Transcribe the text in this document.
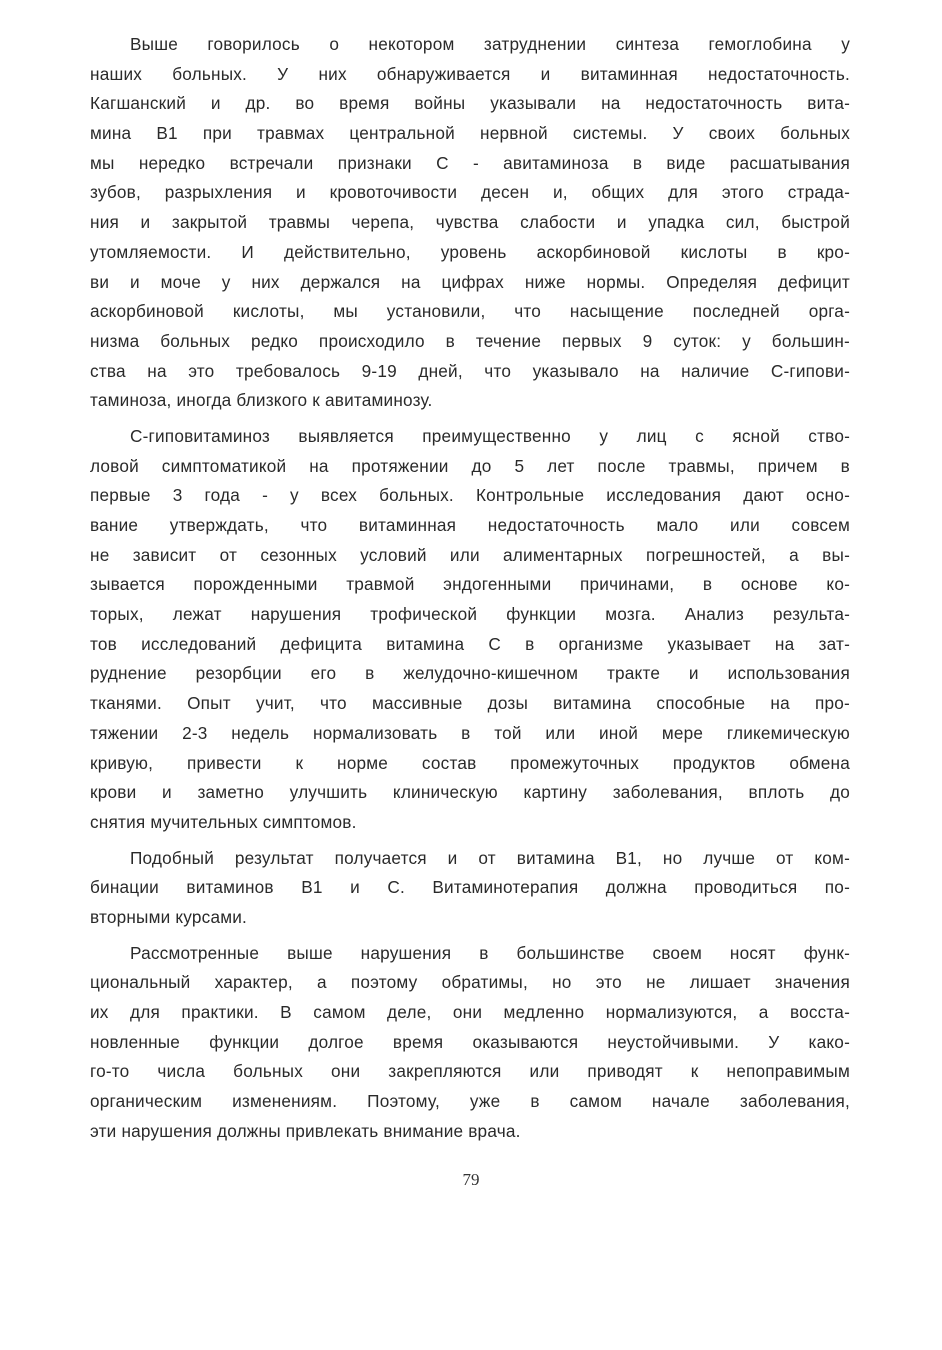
Выше говорилось о некотором затруднении синтеза гемоглобина у
наших больных. У них обнаруживается и витаминная недостаточность.
Кагшанский и др. во время войны указывали на недостаточность вита-
мина B1 при травмах центральной нервной системы. У своих больных
мы нередко встречали признаки С - авитаминоза в виде расшатывания
зубов, разрыхления и кровоточивости десен и, общих для этого страда-
ния и закрытой травмы черепа, чувства слабости и упадка сил, быстрой
утомляемости. И действительно, уровень аскорбиновой кислоты в кро-
ви и моче у них держался на цифрах ниже нормы. Определяя дефицит
аскорбиновой кислоты, мы установили, что насыщение последней орга-
низма больных редко происходило в течение первых 9 суток: у большин-
ства на это требовалось 9-19 дней, что указывало на наличие С-гипови-
таминоза, иногда близкого к авитаминозу.
С-гиповитаминоз выявляется преимущественно у лиц с ясной ство-
ловой симптоматикой на протяжении до 5 лет после травмы, причем в
первые 3 года - у всех больных. Контрольные исследования дают осно-
вание утверждать, что витаминная недостаточность мало или совсем
не зависит от сезонных условий или алиментарных погрешностей, а вы-
зывается порожденными травмой эндогенными причинами, в основе ко-
торых, лежат нарушения трофической функции мозга. Анализ результа-
тов исследований дефицита витамина С в организме указывает на зат-
руднение резорбции его в желудочно-кишечном тракте и использования
тканями. Опыт учит, что массивные дозы витамина способные на про-
тяжении 2-3 недель нормализовать в той или иной мере гликемическую
кривую, привести к норме состав промежуточных продуктов обмена
крови и заметно улучшить клиническую картину заболевания, вплоть до
снятия мучительных симптомов.
Подобный результат получается и от витамина B1, но лучше от ком-
бинации витаминов B1 и С. Витаминотерапия должна проводиться по-
вторными курсами.
Рассмотренные выше нарушения в большинстве своем носят функ-
циональный характер, а поэтому обратимы, но это не лишает значения
их для практики. В самом деле, они медленно нормализуются, а восста-
новленные функции долгое время оказываются неустойчивыми. У како-
го-то числа больных они закрепляются или приводят к непоправимым
органическим изменениям. Поэтому, уже в самом начале заболевания,
эти нарушения должны привлекать внимание врача.
79
